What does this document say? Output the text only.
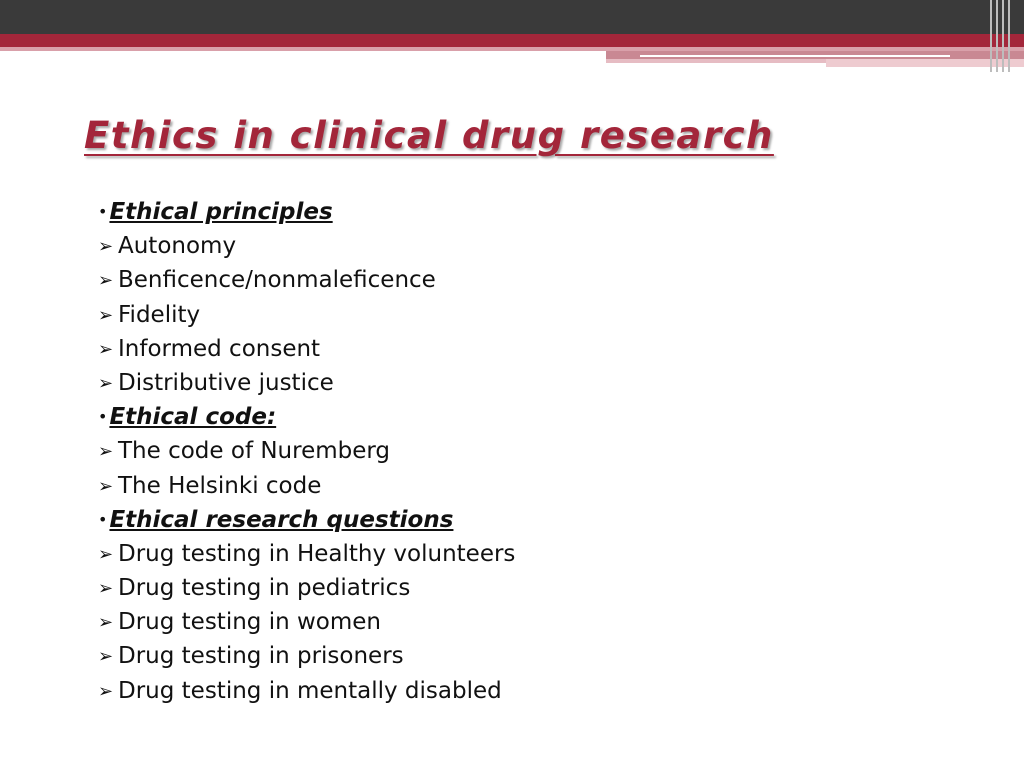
Ethics in clinical drug research
•Ethical principles
➢ Autonomy
➢ Benficence/nonmaleficence
➢ Fidelity
➢ Informed consent
➢ Distributive justice
•Ethical code:
➢ The code of Nuremberg
➢ The Helsinki code
•Ethical research questions
➢ Drug testing in Healthy volunteers
➢ Drug testing in pediatrics
➢ Drug testing in women
➢ Drug testing in prisoners
➢ Drug testing in mentally disabled
